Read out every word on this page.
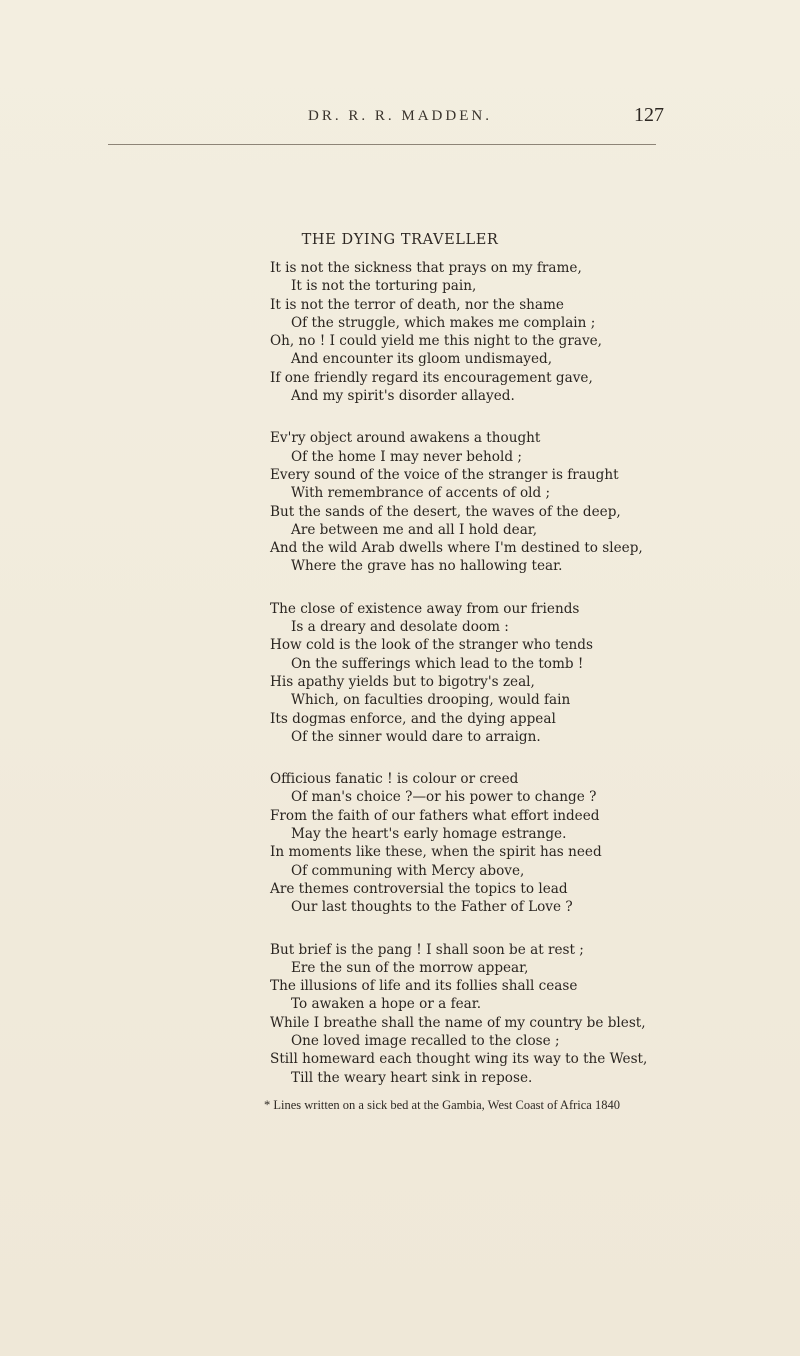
DR. R. R. MADDEN.	127
THE DYING TRAVELLER
It is not the sickness that prays on my frame,
It is not the torturing pain,
It is not the terror of death, nor the shame
Of the struggle, which makes me complain ;
Oh, no ! I could yield me this night to the grave,
And encounter its gloom undismayed,
If one friendly regard its encouragement gave,
And my spirit's disorder allayed.
Ev'ry object around awakens a thought
Of the home I may never behold ;
Every sound of the voice of the stranger is fraught
With remembrance of accents of old ;
But the sands of the desert, the waves of the deep,
Are between me and all I hold dear,
And the wild Arab dwells where I'm destined to sleep,
Where the grave has no hallowing tear.
The close of existence away from our friends
Is a dreary and desolate doom :
How cold is the look of the stranger who tends
On the sufferings which lead to the tomb !
His apathy yields but to bigotry's zeal,
Which, on faculties drooping, would fain
Its dogmas enforce, and the dying appeal
Of the sinner would dare to arraign.
Officious fanatic ! is colour or creed
Of man's choice ?—or his power to change ?
From the faith of our fathers what effort indeed
May the heart's early homage estrange.
In moments like these, when the spirit has need
Of communing with Mercy above,
Are themes controversial the topics to lead
Our last thoughts to the Father of Love ?
But brief is the pang ! I shall soon be at rest ;
Ere the sun of the morrow appear,
The illusions of life and its follies shall cease
To awaken a hope or a fear.
While I breathe shall the name of my country be blest,
One loved image recalled to the close ;
Still homeward each thought wing its way to the West,
Till the weary heart sink in repose.
* Lines written on a sick bed at the Gambia, West Coast of Africa 1840
